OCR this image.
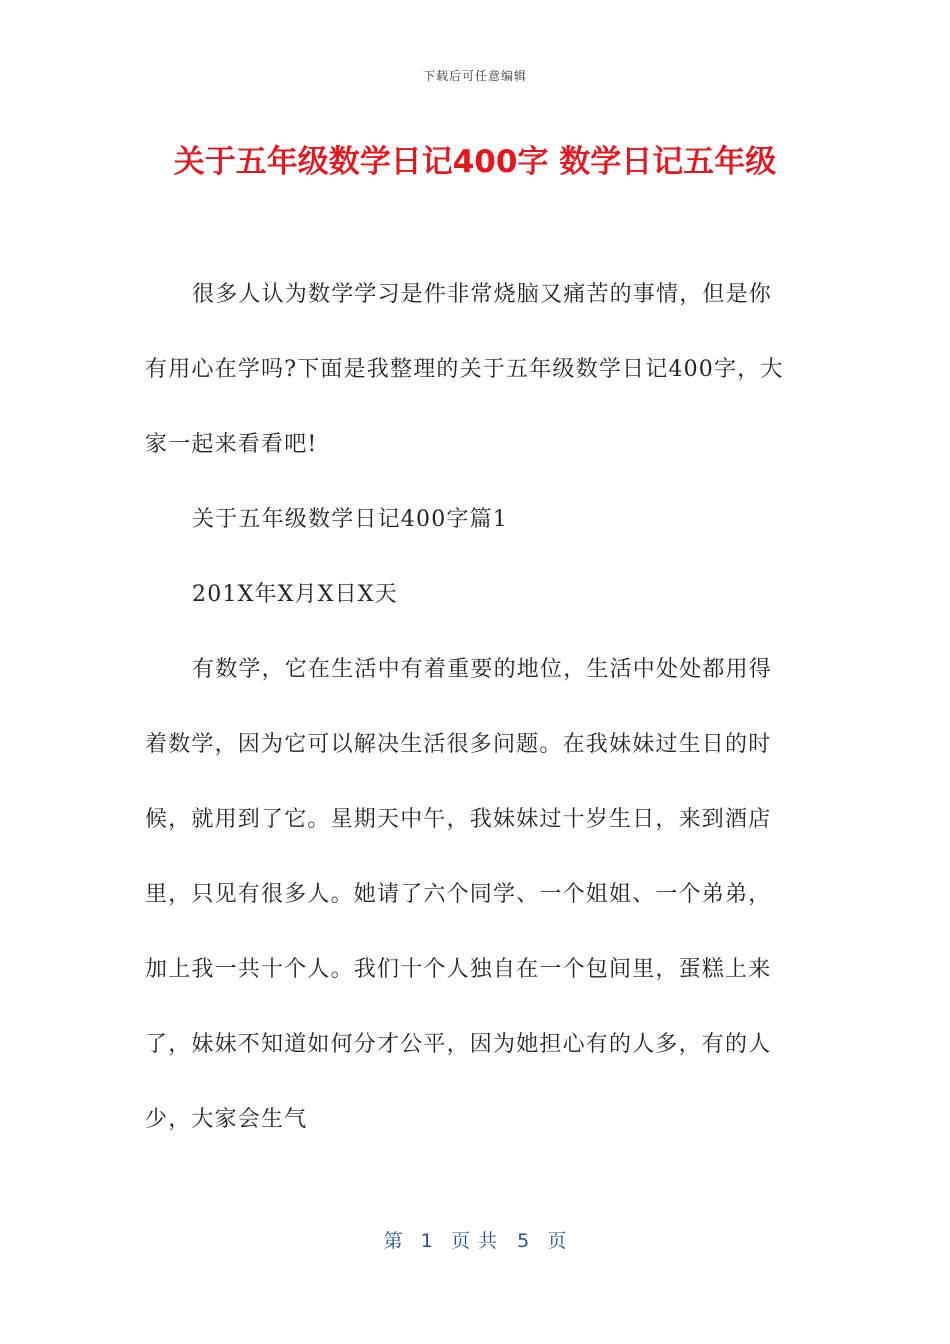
下载后可任意编辑
关于五年级数学日记400字 数学日记五年级
很多人认为数学学习是件非常烧脑又痛苦的事情，但是你
有用心在学吗?下面是我整理的关于五年级数学日记400字，大
家一起来看看吧!
关于五年级数学日记400字篇1
201X年X月X日X天
有数学，它在生活中有着重要的地位，生活中处处都用得
着数学，因为它可以解决生活很多问题。在我妹妹过生日的时
候，就用到了它。星期天中午，我妹妹过十岁生日，来到酒店
里，只见有很多人。她请了六个同学、一个姐姐、一个弟弟，
加上我一共十个人。我们十个人独自在一个包间里，蛋糕上来
了，妹妹不知道如何分才公平，因为她担心有的人多，有的人
少，大家会生气
第 1 页共 5 页
